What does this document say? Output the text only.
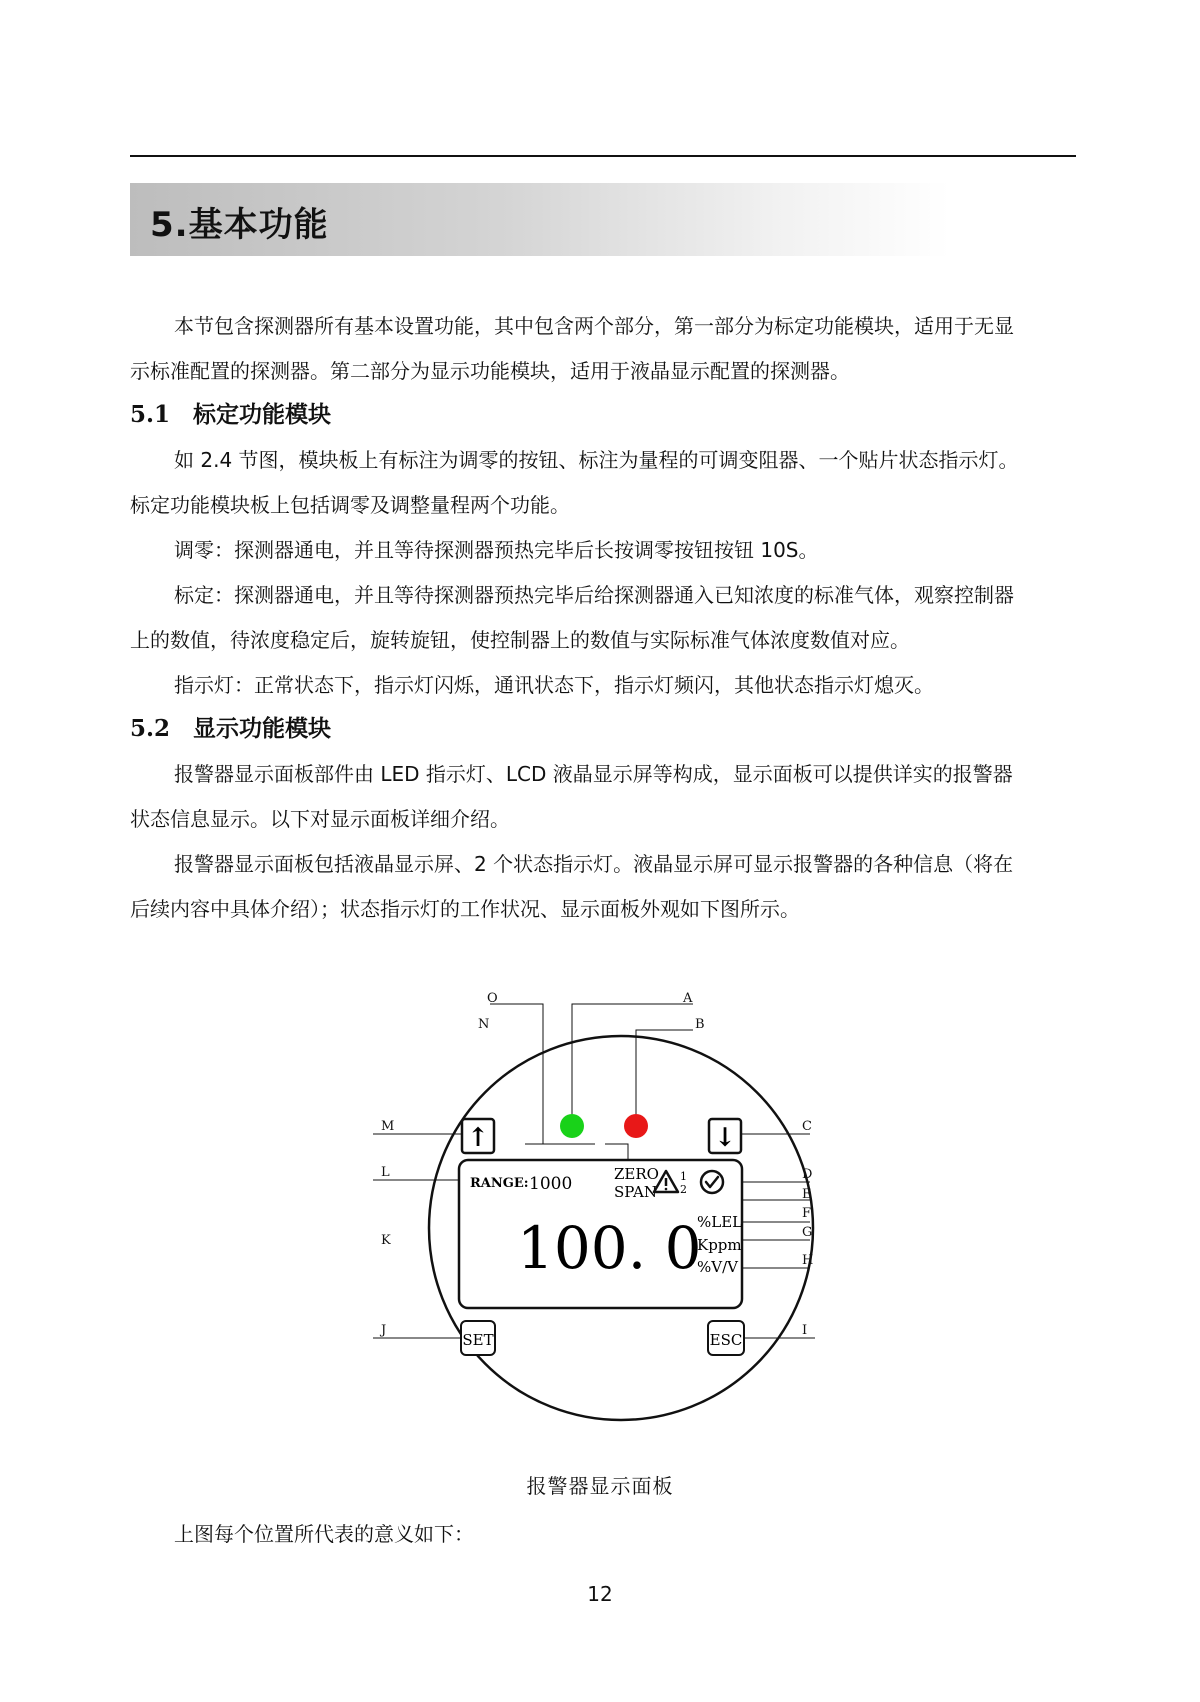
5.基本功能
本节包含探测器所有基本设置功能，其中包含两个部分，第一部分为标定功能模块，适用于无显
示标准配置的探测器。第二部分为显示功能模块，适用于液晶显示配置的探测器。
5.1　标定功能模块
如 2.4 节图，模块板上有标注为调零的按钮、标注为量程的可调变阻器、一个贴片状态指示灯。
标定功能模块板上包括调零及调整量程两个功能。
调零：探测器通电，并且等待探测器预热完毕后长按调零按钮按钮 10S。
标定：探测器通电，并且等待探测器预热完毕后给探测器通入已知浓度的标准气体，观察控制器
上的数值，待浓度稳定后，旋转旋钮，使控制器上的数值与实际标准气体浓度数值对应。
指示灯：正常状态下，指示灯闪烁，通讯状态下，指示灯频闪，其他状态指示灯熄灭。
5.2　显示功能模块
报警器显示面板部件由 LED 指示灯、LCD 液晶显示屏等构成，显示面板可以提供详实的报警器
状态信息显示。以下对显示面板详细介绍。
报警器显示面板包括液晶显示屏、2 个状态指示灯。液晶显示屏可显示报警器的各种信息（将在
后续内容中具体介绍）；状态指示灯的工作状况、显示面板外观如下图所示。
↑	↓
SET	ESC
RANGE: 1000	ZERO
SPAN
1
2
100. 0
%LEL
Kppm
%V/V
O	A
N	B
M	C
L	D
E
F
G
K
H
J	I
报警器显示面板
上图每个位置所代表的意义如下：
12
